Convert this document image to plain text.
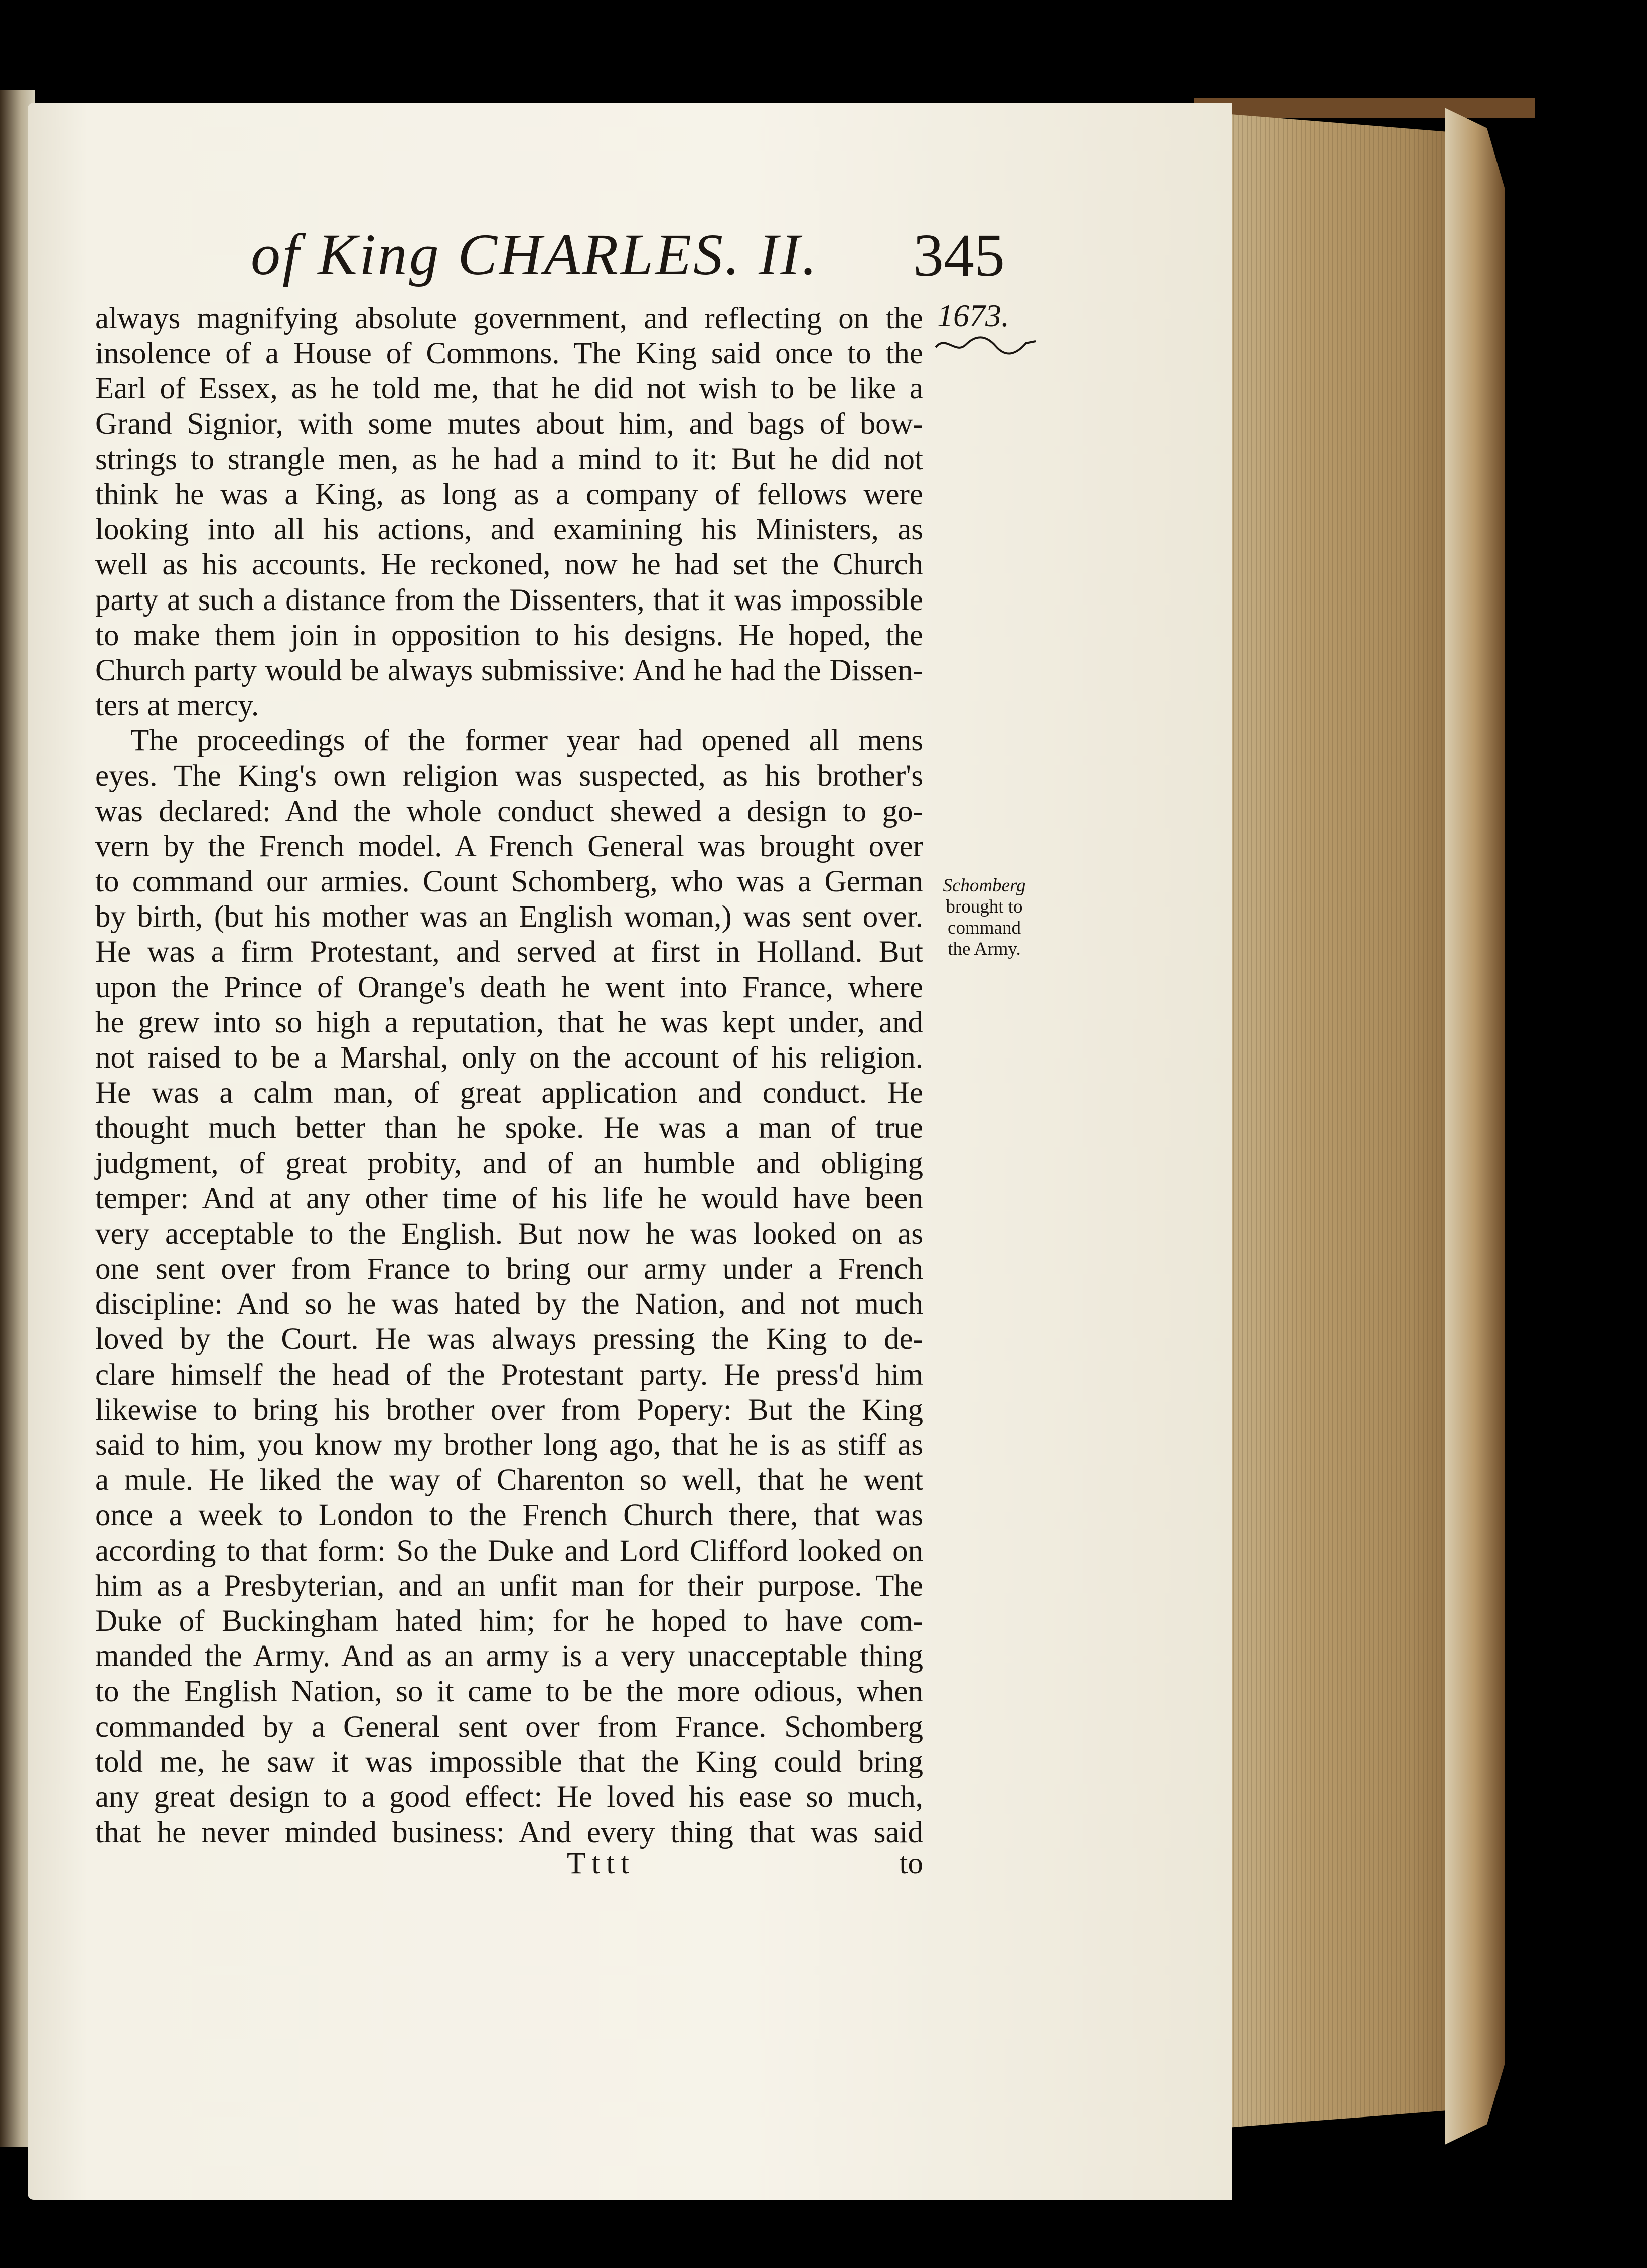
of King CHARLES. II. 345
1673.
Schomberg
brought to
command
the Army.
always magnifying absolute government, and reflecting on the
insolence of a House of Commons. The King said once to the
Earl of Essex, as he told me, that he did not wish to be like a
Grand Signior, with some mutes about him, and bags of bow-
strings to strangle men, as he had a mind to it: But he did not
think he was a King, as long as a company of fellows were
looking into all his actions, and examining his Ministers, as
well as his accounts. He reckoned, now he had set the Church
party at such a distance from the Dissenters, that it was impossible
to make them join in opposition to his designs. He hoped, the
Church party would be always submissive: And he had the Dissen-
ters at mercy.
The proceedings of the former year had opened all mens
eyes. The King's own religion was suspected, as his brother's
was declared: And the whole conduct shewed a design to go-
vern by the French model. A French General was brought over
to command our armies. Count Schomberg, who was a German
by birth, (but his mother was an English woman,) was sent over.
He was a firm Protestant, and served at first in Holland. But
upon the Prince of Orange's death he went into France, where
he grew into so high a reputation, that he was kept under, and
not raised to be a Marshal, only on the account of his religion.
He was a calm man, of great application and conduct. He
thought much better than he spoke. He was a man of true
judgment, of great probity, and of an humble and obliging
temper: And at any other time of his life he would have been
very acceptable to the English. But now he was looked on as
one sent over from France to bring our army under a French
discipline: And so he was hated by the Nation, and not much
loved by the Court. He was always pressing the King to de-
clare himself the head of the Protestant party. He press'd him
likewise to bring his brother over from Popery: But the King
said to him, you know my brother long ago, that he is as stiff as
a mule. He liked the way of Charenton so well, that he went
once a week to London to the French Church there, that was
according to that form: So the Duke and Lord Clifford looked on
him as a Presbyterian, and an unfit man for their purpose. The
Duke of Buckingham hated him; for he hoped to have com-
manded the Army. And as an army is a very unacceptable thing
to the English Nation, so it came to be the more odious, when
commanded by a General sent over from France. Schomberg
told me, he saw it was impossible that the King could bring
any great design to a good effect: He loved his ease so much,
that he never minded business: And every thing that was said
Tttt	to
